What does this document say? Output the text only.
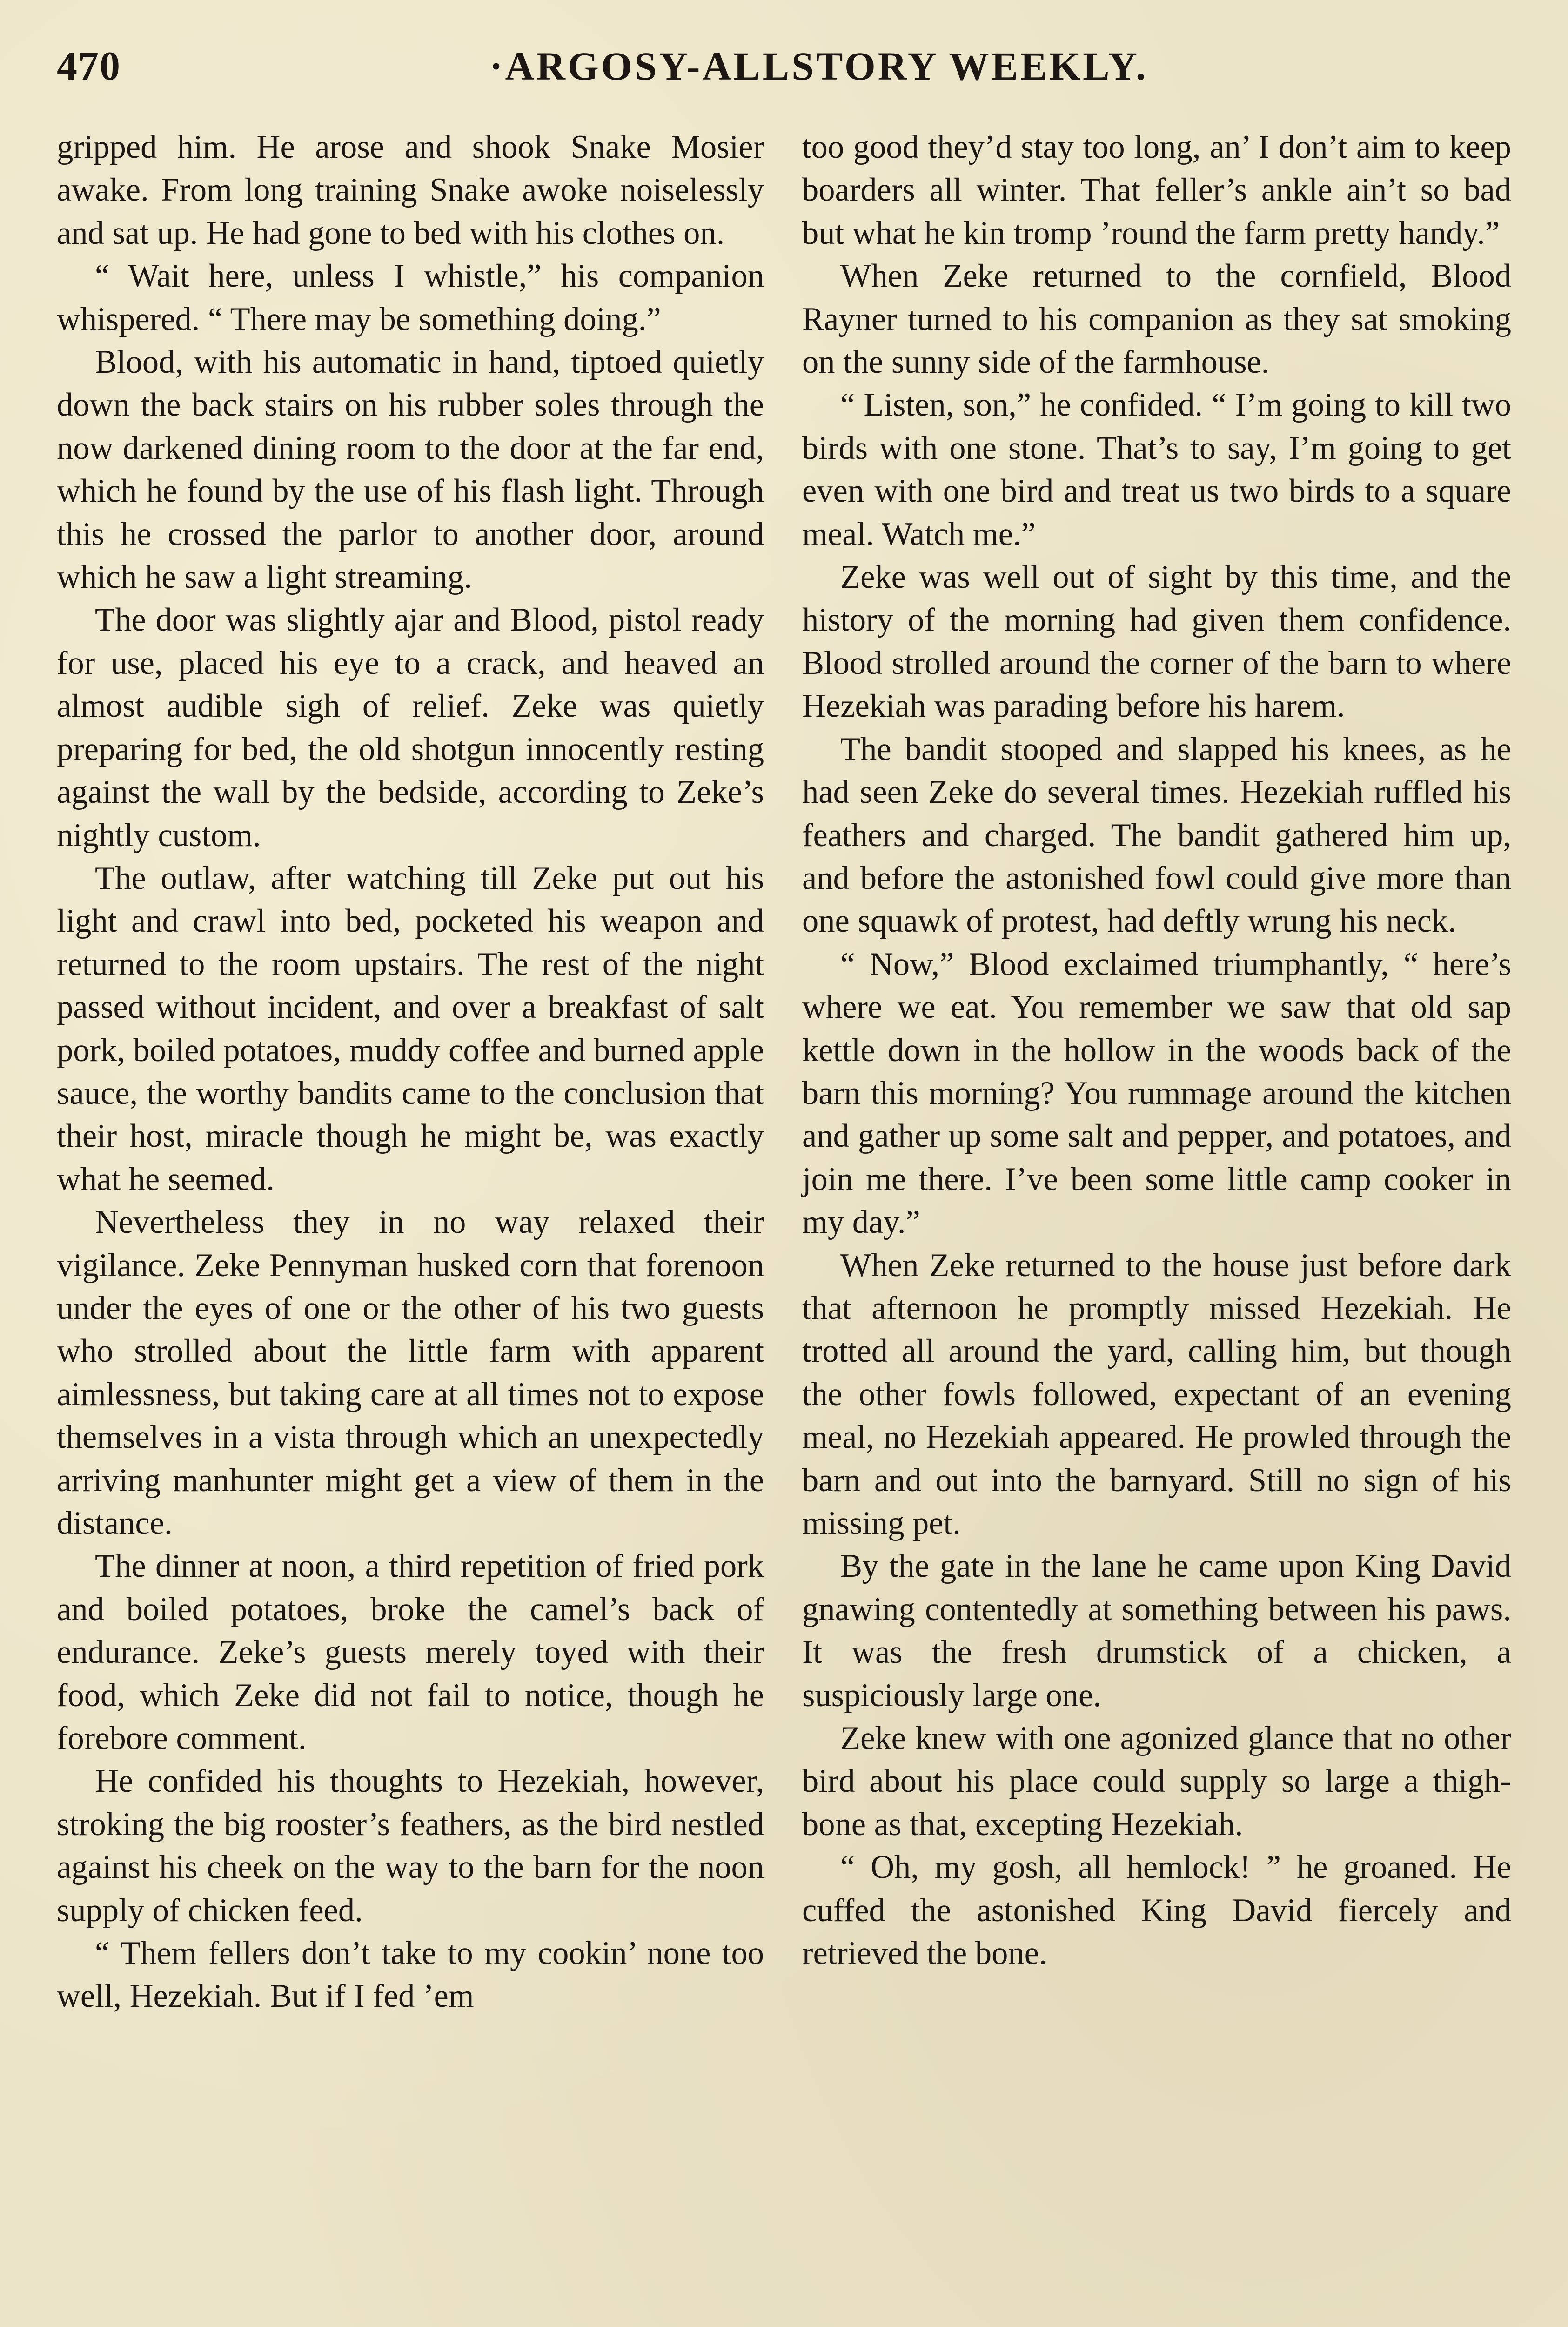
470	·ARGOSY-ALLSTORY WEEKLY.

gripped him. He arose and shook Snake Mosier awake. From long training Snake awoke noiselessly and sat up. He had gone to bed with his clothes on.

“ Wait here, unless I whistle,” his companion whispered. “ There may be something doing.”

Blood, with his automatic in hand, tiptoed quietly down the back stairs on his rubber soles through the now darkened dining room to the door at the far end, which he found by the use of his flash light. Through this he crossed the parlor to another door, around which he saw a light streaming.

The door was slightly ajar and Blood, pistol ready for use, placed his eye to a crack, and heaved an almost audible sigh of relief. Zeke was quietly preparing for bed, the old shotgun innocently resting against the wall by the bedside, according to Zeke’s nightly custom.

The outlaw, after watching till Zeke put out his light and crawl into bed, pocketed his weapon and returned to the room upstairs. The rest of the night passed without incident, and over a breakfast of salt pork, boiled potatoes, muddy coffee and burned apple sauce, the worthy bandits came to the conclusion that their host, miracle though he might be, was exactly what he seemed.

Nevertheless they in no way relaxed their vigilance. Zeke Pennyman husked corn that forenoon under the eyes of one or the other of his two guests who strolled about the little farm with apparent aimlessness, but taking care at all times not to expose themselves in a vista through which an unexpectedly arriving manhunter might get a view of them in the distance.

The dinner at noon, a third repetition of fried pork and boiled potatoes, broke the camel’s back of endurance. Zeke’s guests merely toyed with their food, which Zeke did not fail to notice, though he forebore comment.

He confided his thoughts to Hezekiah, however, stroking the big rooster’s feathers, as the bird nestled against his cheek on the way to the barn for the noon supply of chicken feed.

“ Them fellers don’t take to my cookin’ none too well, Hezekiah. But if I fed ’em

too good they’d stay too long, an’ I don’t aim to keep boarders all winter. That feller’s ankle ain’t so bad but what he kin tromp ’round the farm pretty handy.”

When Zeke returned to the cornfield, Blood Rayner turned to his companion as they sat smoking on the sunny side of the farmhouse.

“ Listen, son,” he confided. “ I’m going to kill two birds with one stone. That’s to say, I’m going to get even with one bird and treat us two birds to a square meal. Watch me.”

Zeke was well out of sight by this time, and the history of the morning had given them confidence. Blood strolled around the corner of the barn to where Hezekiah was parading before his harem.

The bandit stooped and slapped his knees, as he had seen Zeke do several times. Hezekiah ruffled his feathers and charged. The bandit gathered him up, and before the astonished fowl could give more than one squawk of protest, had deftly wrung his neck.

“ Now,” Blood exclaimed triumphantly, “ here’s where we eat. You remember we saw that old sap kettle down in the hollow in the woods back of the barn this morning? You rummage around the kitchen and gather up some salt and pepper, and potatoes, and join me there. I’ve been some little camp cooker in my day.”

When Zeke returned to the house just before dark that afternoon he promptly missed Hezekiah. He trotted all around the yard, calling him, but though the other fowls followed, expectant of an evening meal, no Hezekiah appeared. He prowled through the barn and out into the barnyard. Still no sign of his missing pet.

By the gate in the lane he came upon King David gnawing contentedly at something between his paws. It was the fresh drumstick of a chicken, a suspiciously large one.

Zeke knew with one agonized glance that no other bird about his place could supply so large a thigh-bone as that, excepting Hezekiah.

“ Oh, my gosh, all hemlock! ” he groaned. He cuffed the astonished King David fiercely and retrieved the bone.
